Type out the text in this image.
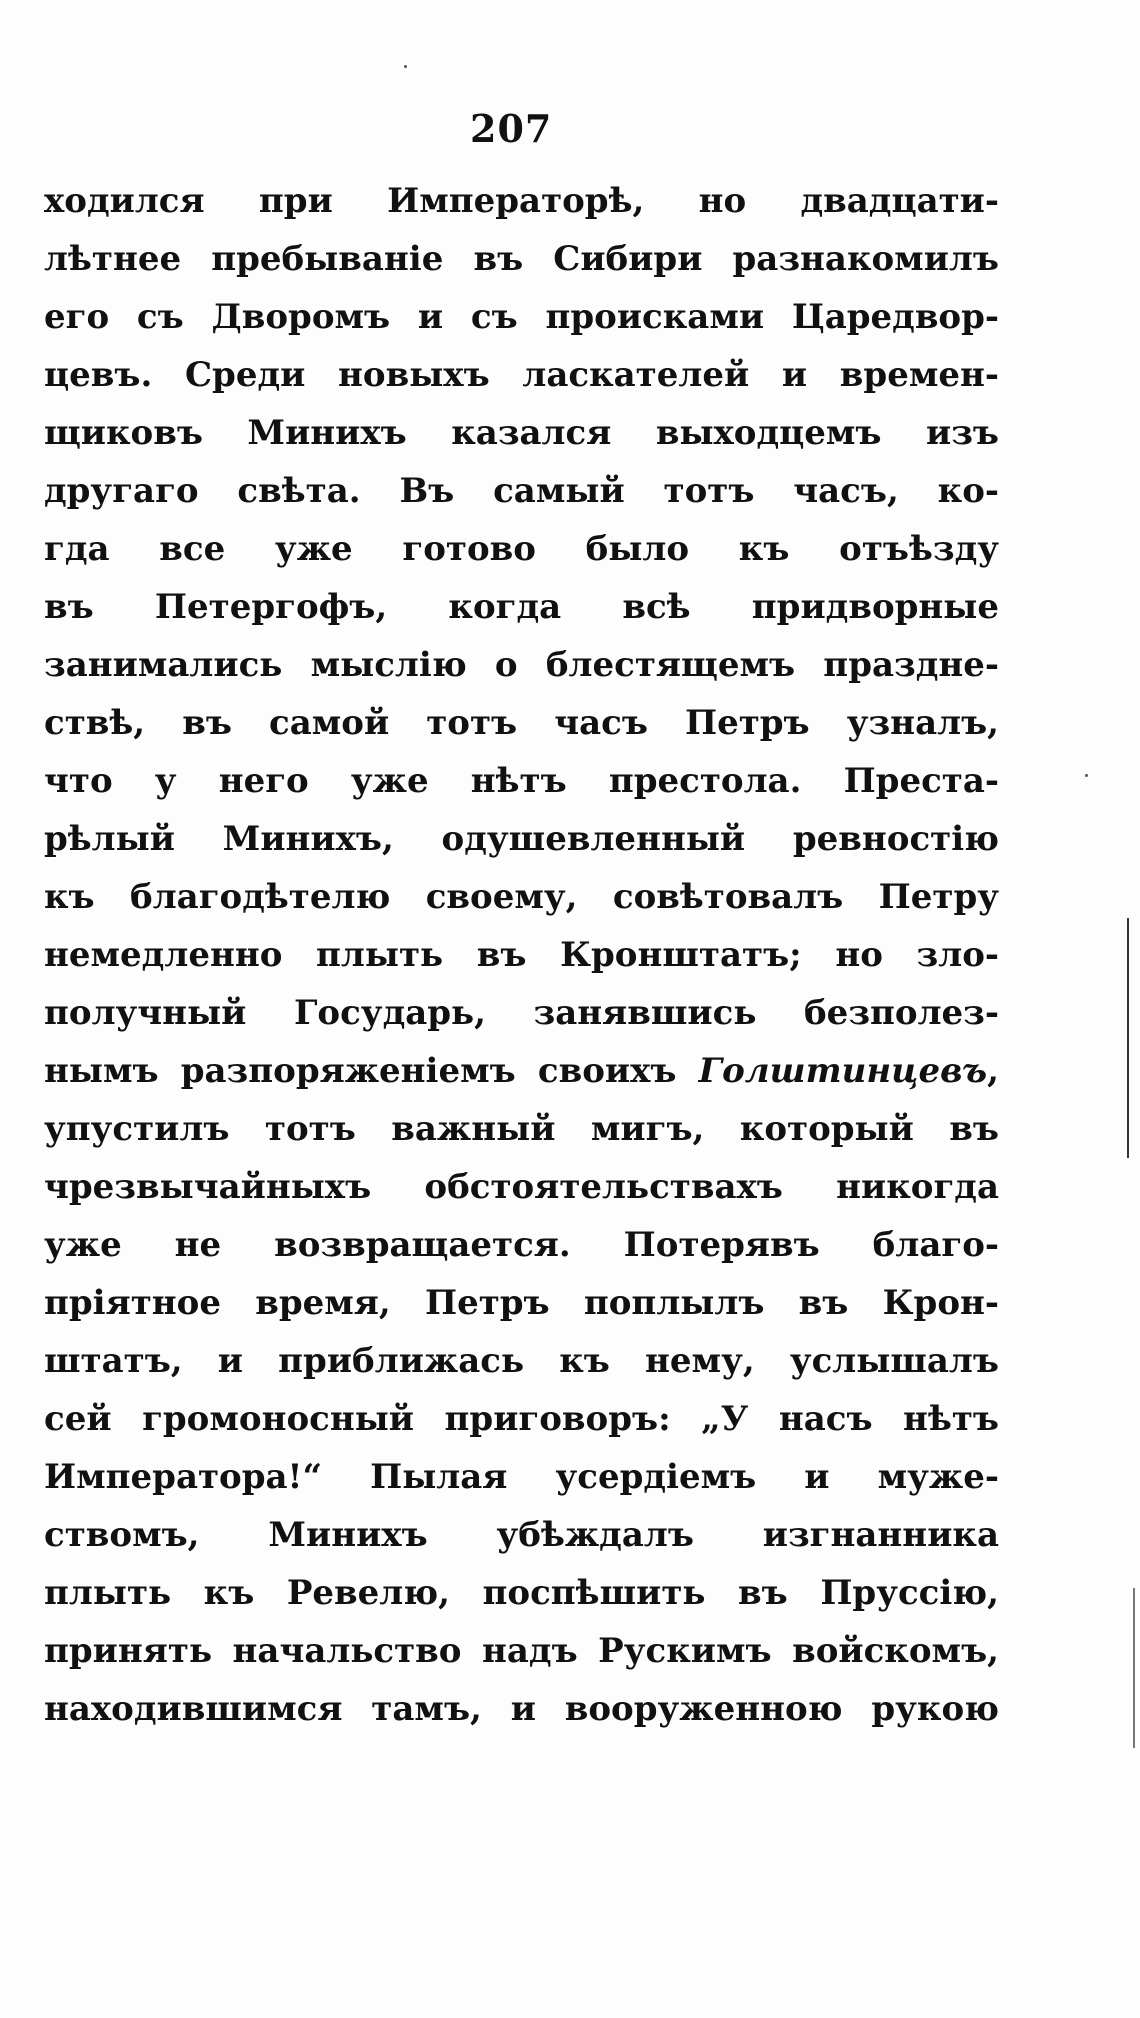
207
ходился при Императорѣ, но двадцати-
лѣтнее пребываніе въ Сибири разнакомилъ
его съ Дворомъ и съ происками Царедвор-
цевъ. Среди новыхъ ласкателей и времен-
щиковъ Минихъ казался выходцемъ изъ
другаго свѣта. Въ самый тотъ часъ, ко-
гда все уже готово было къ отъѣзду
въ Петергофъ, когда всѣ придворные
занимались мыслію о блестящемъ праздне-
ствѣ, въ самой тотъ часъ Петръ узналъ,
что у него уже нѣтъ престола. Преста-
рѣлый Минихъ, одушевленный ревностію
къ благодѣтелю своему, совѣтовалъ Петру
немедленно плыть въ Кронштатъ; но зло-
получный Государь, занявшись безполез-
нымъ разпоряженіемъ своихъ Голштинцевъ,
упустилъ тотъ важный мигъ, который въ
чрезвычайныхъ обстоятельствахъ никогда
уже не возвращается. Потерявъ благо-
пріятное время, Петръ поплылъ въ Крон-
штатъ, и приближась къ нему, услышалъ
сей громоносный приговоръ: „У насъ нѣтъ
Императора!“ Пылая усердіемъ и муже-
ствомъ, Минихъ убѣждалъ изгнанника
плыть къ Ревелю, поспѣшить въ Пруссію,
принять начальство надъ Рускимъ войскомъ,
находившимся тамъ, и вооруженною рукою
